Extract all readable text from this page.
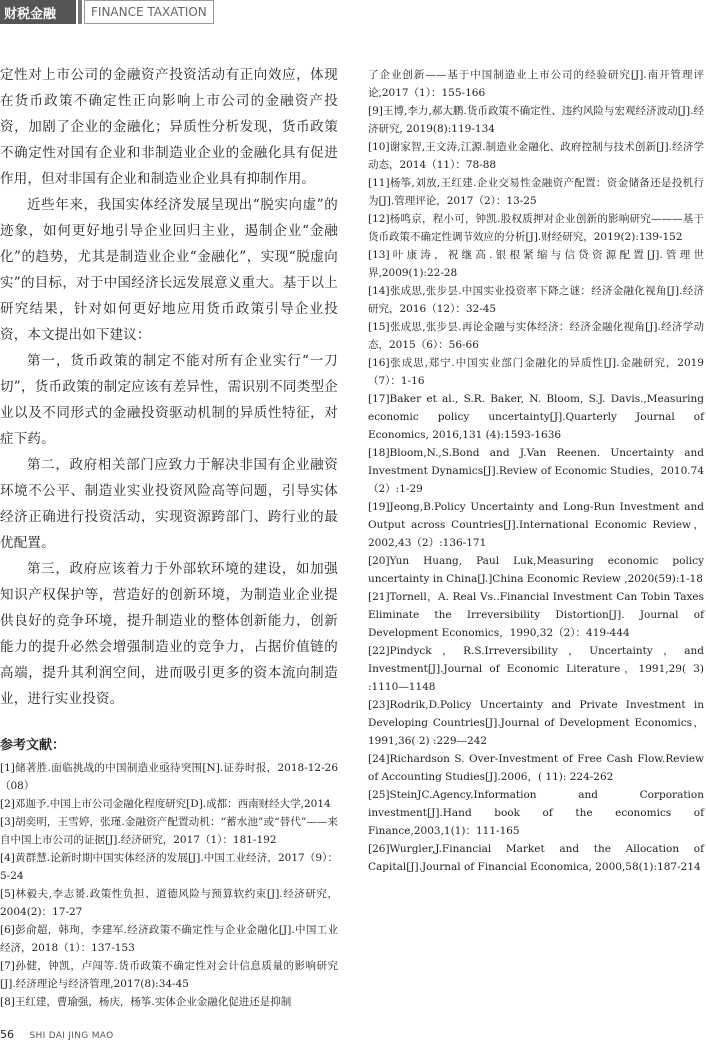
财税金融	FINANCE TAXATION

定性对上市公司的金融资产投资活动有正向效应，体现在货币政策不确定性正向影响上市公司的金融资产投资，加剧了企业的金融化；异质性分析发现，货币政策不确定性对国有企业和非制造业企业的金融化具有促进作用，但对非国有企业和制造业企业具有抑制作用。

近些年来，我国实体经济发展呈现出“脱实向虚”的迹象，如何更好地引导企业回归主业，遏制企业“金融化”的趋势，尤其是制造业企业“金融化”，实现“脱虚向实”的目标，对于中国经济长远发展意义重大。基于以上研究结果，针对如何更好地应用货币政策引导企业投资，本文提出如下建议：

第一，货币政策的制定不能对所有企业实行“一刀切”，货币政策的制定应该有差异性，需识别不同类型企业以及不同形式的金融投资驱动机制的异质性特征，对症下药。

第二，政府相关部门应致力于解决非国有企业融资环境不公平、制造业实业投资风险高等问题，引导实体经济正确进行投资活动，实现资源跨部门、跨行业的最优配置。

第三，政府应该着力于外部软环境的建设，如加强知识产权保护等，营造好的创新环境，为制造业企业提供良好的竞争环境，提升制造业的整体创新能力，创新能力的提升必然会增强制造业的竞争力，占据价值链的高端，提升其利润空间，进而吸引更多的资本流向制造业，进行实业投资。

参考文献：

[1]储著胜.面临挑战的中国制造业亟待突围[N].证券时报，2018-12-26（08）

[2]邓迦予.中国上市公司金融化程度研究[D].成都：西南财经大学,2014

[3]胡奕明，王雪婷，张瑾.金融资产配置动机：“蓄水池”或“替代”——来自中国上市公司的证据[J].经济研究，2017（1）：181-192

[4]黄群慧.论新时期中国实体经济的发展[J].中国工业经济，2017（9）：5-24

[5]林毅夫,李志赟.政策性负担、道德风险与预算软约束[J].经济研究，2004(2)：17-27

[6]彭俞超，韩珣，李建军.经济政策不确定性与企业金融化[J].中国工业经济，2018（1）：137-153

[7]孙健，钟凯，卢闯等.货币政策不确定性对会计信息质量的影响研究[J].经济理论与经济管理,2017(8):34-45

[8]王红建，曹瑜强，杨庆，杨筝.实体企业金融化促进还是抑制

了企业创新——基于中国制造业上市公司的经验研究[J].南开管理评论,2017（1）：155-166

[9]王博,李力,郝大鹏.货币政策不确定性、违约风险与宏观经济波动[J].经济研究, 2019(8):119-134

[10]谢家智,王文涛,江源.制造业金融化、政府控制与技术创新[J].经济学动态，2014（11）：78-88

[11]杨筝,刘放,王红建.企业交易性金融资产配置：资金储备还是投机行为[J].管理评论，2017（2）：13-25

[12]杨鸣京，程小可，钟凯.股权质押对企业创新的影响研究———基于货币政策不确定性调节效应的分析[J].财经研究，2019(2):139-152

[13]叶康涛，祝继高.银根紧缩与信贷资源配置[J].管理世界,2009(1):22-28

[14]张成思,张步昙.中国实业投资率下降之谜：经济金融化视角[J].经济研究，2016（12）：32-45

[15]张成思,张步昙.再论金融与实体经济：经济金融化视角[J].经济学动态，2015（6）：56-66

[16]张成思,郑宁.中国实业部门金融化的异质性[J].金融研究，2019（7）：1-16

[17]Baker et al., S.R. Baker, N. Bloom, S.J. Davis.,Measuring economic policy uncertainty[J].Quarterly Journal of Economics, 2016,131 (4):1593-1636

[18]Bloom,N.,S.Bond and J.Van Reenen. Uncertainty and Investment Dynamics[J].Review of Economic Studies，2010.74（2）:1-29

[19]Jeong,B.Policy Uncertainty and Long-Run Investment and Output across Countries[J].International Economic Review，2002,43（2）:136-171

[20]Yun Huang, Paul Luk,Measuring economic policy uncertainty in China[J.]China Economic Review ,2020(59):1-18

[21]Tornell，A. Real Vs..Financial Investment Can Tobin Taxes Eliminate the Irreversibility Distortion[J]. Journal of Development Economics，1990,32（2）：419-444

[22]Pindyck，R.S.Irreversibility，Uncertainty，and Investment[J].Journal of Economic Literature，1991,29( 3) :1110—1148

[23]Rodrik,D.Policy Uncertainty and Private Investment in Developing Countries[J].Journal of Development Economics，1991,36( 2) :229—242

[24]Richardson S. Over-Investment of Free Cash Flow.Review of Accounting Studies[J].2006，( 11): 224-262

[25]SteinJC.Agency.Information and Corporation investment[J].Hand book of the economics of Finance,2003,1(1)：111-165

[26]Wurgler,J.Financial Market and the Allocation of Capital[J].Journal of Financial Economica, 2000,58(1):187-214

56 SHI DAI JING MAO
